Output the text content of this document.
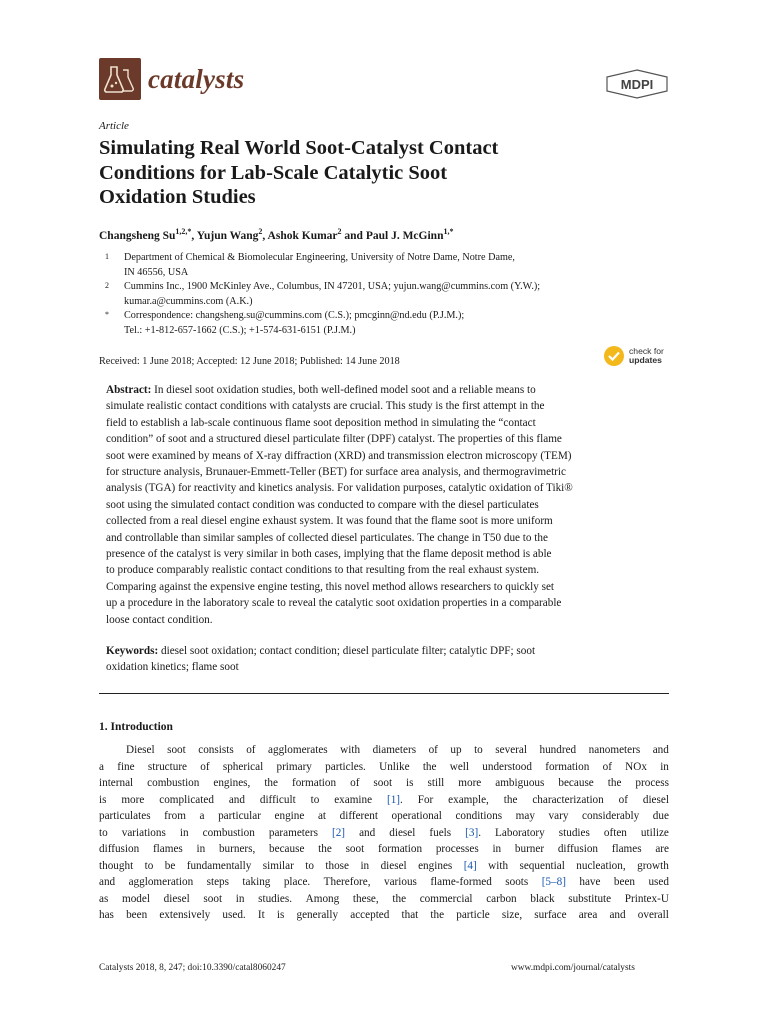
catalysts	MDPI
Article
Simulating Real World Soot-Catalyst Contact
Conditions for Lab-Scale Catalytic Soot
Oxidation Studies
Changsheng $Su^{1,2,*}$, Yujun Wang$^2$, Ashok Kumar$^2$ and Paul J. McGinn$^{1,*}$
1 Department of Chemical & Biomolecular Engineering, University of Notre Dame, Notre Dame,
IN 46556, USA
2 Cummins Inc., 1900 McKinley Ave., Columbus, IN 47201, USA; yujun.wang@cummins.com (Y.W.);
kumar.a@cummins.com (A.K.)
* Correspondence: changsheng.su@cummins.com (C.S.); pmcginn@nd.edu (P.J.M.);
Tel.: +1-812-657-1662 (C.S.); +1-574-631-6151 (P.J.M.)
Received: 1 June 2018; Accepted: 12 June 2018; Published: 14 June 2018
check for
updates
Abstract: In diesel soot oxidation studies, both well-defined model soot and a reliable means to
simulate realistic contact conditions with catalysts are crucial. This study is the first attempt in the
field to establish a lab-scale continuous flame soot deposition method in simulating the “contact
condition” of soot and a structured diesel particulate filter (DPF) catalyst. The properties of this flame
soot were examined by means of X-ray diffraction (XRD) and transmission electron microscopy (TEM)
for structure analysis, Brunauer-Emmett-Teller (BET) for surface area analysis, and thermogravimetric
analysis (TGA) for reactivity and kinetics analysis. For validation purposes, catalytic oxidation of Tiki®
soot using the simulated contact condition was conducted to compare with the diesel particulates
collected from a real diesel engine exhaust system. It was found that the flame soot is more uniform
and controllable than similar samples of collected diesel particulates. The change in T50 due to the
presence of the catalyst is very similar in both cases, implying that the flame deposit method is able
to produce comparably realistic contact conditions to that resulting from the real exhaust system.
Comparing against the expensive engine testing, this novel method allows researchers to quickly set
up a procedure in the laboratory scale to reveal the catalytic soot oxidation properties in a comparable
loose contact condition.
Keywords: diesel soot oxidation; contact condition; diesel particulate filter; catalytic DPF; soot
oxidation kinetics; flame soot
1. Introduction
Diesel soot consists of agglomerates with diameters of up to several hundred nanometers and
a fine structure of spherical primary particles. Unlike the well understood formation of NOx in
internal combustion engines, the formation of soot is still more ambiguous because the process
is more complicated and difficult to examine [1]. For example, the characterization of diesel
particulates from a particular engine at different operational conditions may vary considerably due
to variations in combustion parameters [2] and diesel fuels [3]. Laboratory studies often utilize
diffusion flames in burners, because the soot formation processes in burner diffusion flames are
thought to be fundamentally similar to those in diesel engines [4] with sequential nucleation, growth
and agglomeration steps taking place. Therefore, various flame-formed soots [5–8] have been used
as model diesel soot in studies. Among these, the commercial carbon black substitute Printex-U
has been extensively used. It is generally accepted that the particle size, surface area and overall
Catalysts 2018, 8, 247; doi:10.3390/catal8060247	www.mdpi.com/journal/catalysts
